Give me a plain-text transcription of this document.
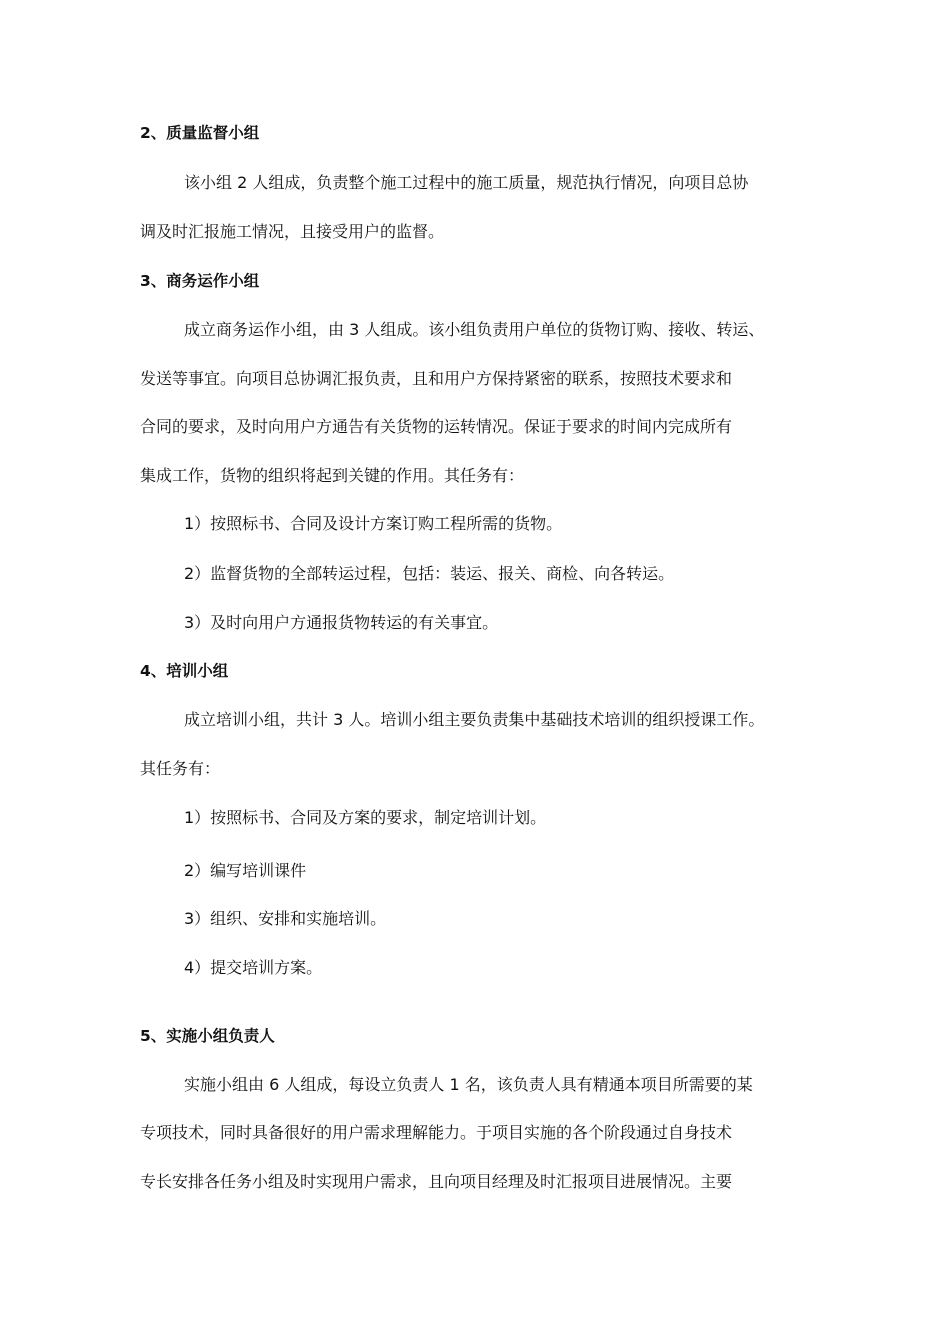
2、质量监督小组
该小组 2 人组成，负责整个施工过程中的施工质量，规范执行情况，向项目总协
调及时汇报施工情况，且接受用户的监督。
3、商务运作小组
成立商务运作小组，由 3 人组成。该小组负责用户单位的货物订购、接收、转运、
发送等事宜。向项目总协调汇报负责，且和用户方保持紧密的联系，按照技术要求和
合同的要求，及时向用户方通告有关货物的运转情况。保证于要求的时间内完成所有
集成工作，货物的组织将起到关键的作用。其任务有：
1）按照标书、合同及设计方案订购工程所需的货物。
2）监督货物的全部转运过程，包括：装运、报关、商检、向各转运。
3）及时向用户方通报货物转运的有关事宜。
4、培训小组
成立培训小组，共计 3 人。培训小组主要负责集中基础技术培训的组织授课工作。
其任务有：
1）按照标书、合同及方案的要求，制定培训计划。
2）编写培训课件
3）组织、安排和实施培训。
4）提交培训方案。
5、实施小组负责人
实施小组由 6 人组成，每设立负责人 1 名，该负责人具有精通本项目所需要的某
专项技术，同时具备很好的用户需求理解能力。于项目实施的各个阶段通过自身技术
专长安排各任务小组及时实现用户需求，且向项目经理及时汇报项目进展情况。主要
